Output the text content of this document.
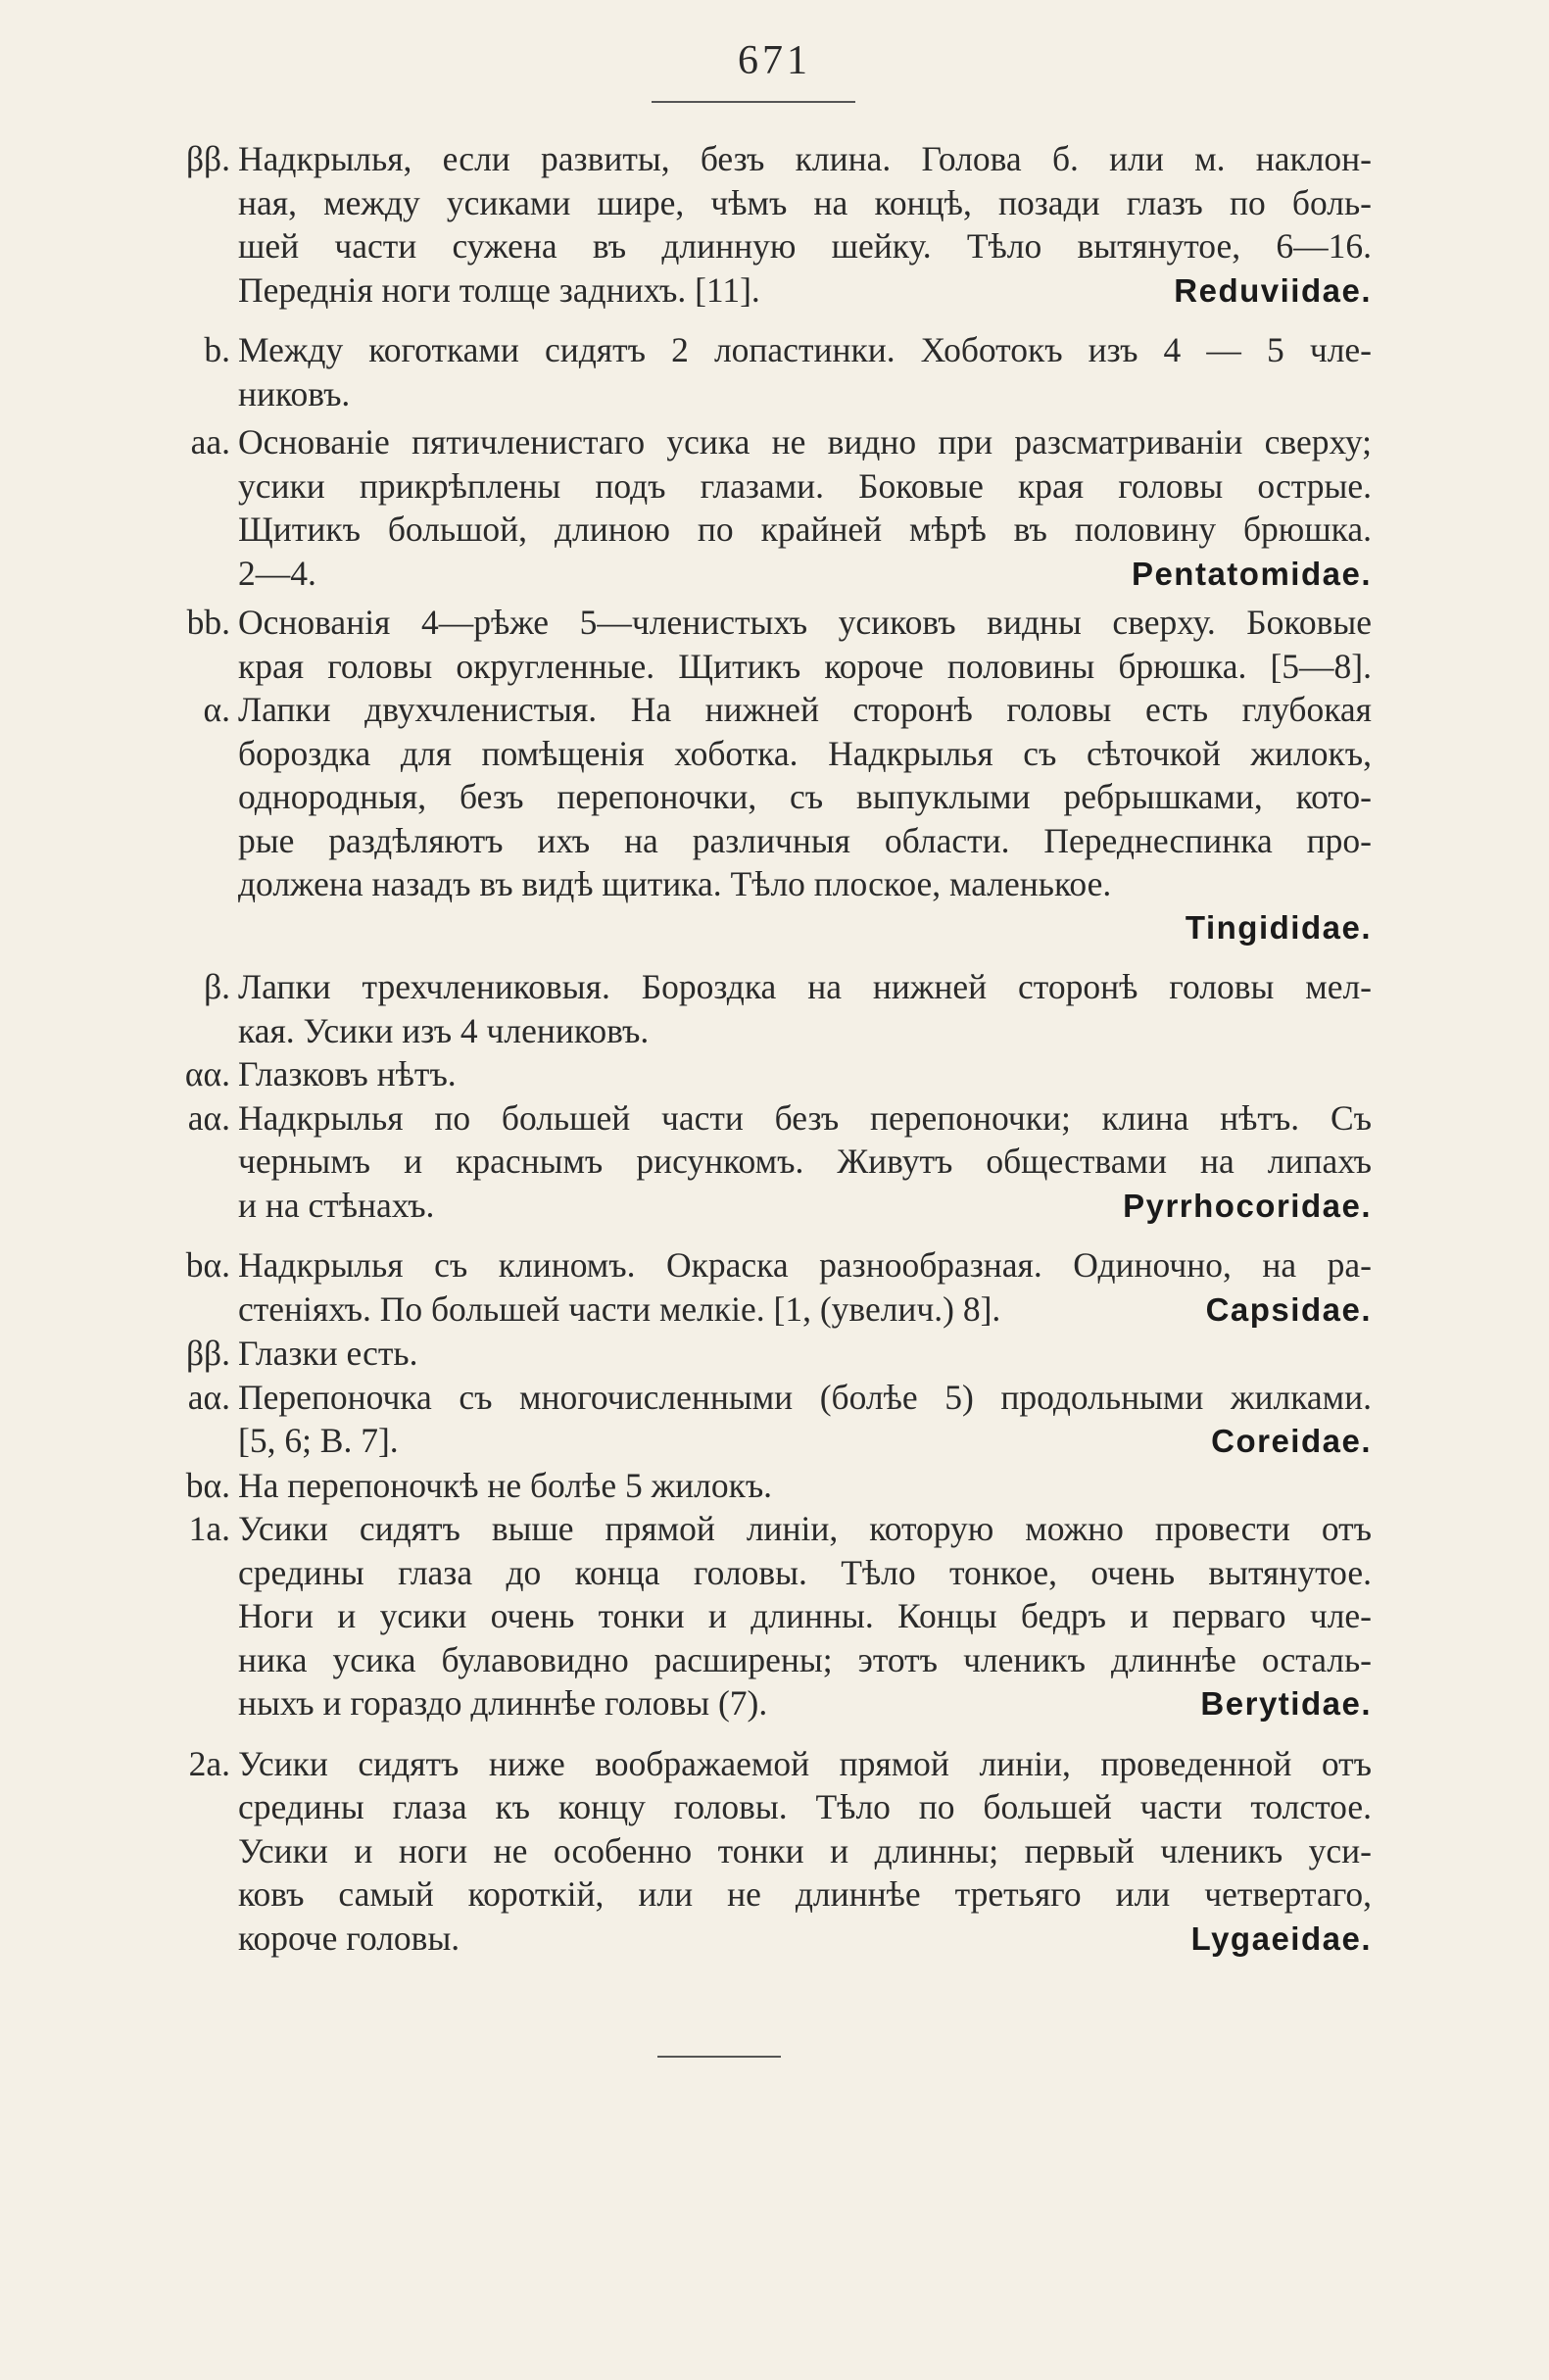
671
ββ. Надкрылья, если развиты, безъ клина. Голова б. или м. наклон-
ная, между усиками шире, чѣмъ на концѣ, позади глазъ по боль-
шей части сужена въ длинную шейку. Тѣло вытянутое, 6—16.
Переднія ноги толще заднихъ. [11].	Reduviidae.
b. Между коготками сидятъ 2 лопастинки. Хоботокъ изъ 4 — 5 чле-
никовъ.
aa. Основаніе пятичленистаго усика не видно при разсматриваніи сверху;
усики прикрѣплены подъ глазами. Боковые края головы острые.
Щитикъ большой, длиною по крайней мѣрѣ въ половину брюшка.
2—4.	Pentatomidae.
bb. Основанія 4—рѣже 5—членистыхъ усиковъ видны сверху. Боковые
края головы округленные. Щитикъ короче половины брюшка. [5—8].
α. Лапки двухчленистыя. На нижней сторонѣ головы есть глубокая
бороздка для помѣщенія хоботка. Надкрылья съ сѣточкой жилокъ,
однородныя, безъ перепоночки, съ выпуклыми ребрышками, кото-
рые раздѣляютъ ихъ на различныя области. Переднеспинка про-
должена назадъ въ видѣ щитика. Тѣло плоское, маленькое.
Tingididae.
β. Лапки трехчлениковыя. Бороздка на нижней сторонѣ головы мел-
кая. Усики изъ 4 члениковъ.
αα. Глазковъ нѣтъ.
aα. Надкрылья по большей части безъ перепоночки; клина нѣтъ. Съ
чернымъ и краснымъ рисункомъ. Живутъ обществами на липахъ
и на стѣнахъ.	Pyrrhocoridae.
bα. Надкрылья съ клиномъ. Окраска разнообразная. Одиночно, на ра-
стеніяхъ. По большей части мелкіе. [1, (увелич.) 8].	Capsidae.
ββ. Глазки есть.
aα. Перепоночка съ многочисленными (болѣе 5) продольными жилками.
[5, 6; В. 7].	Coreidae.
bα. На перепоночкѣ не болѣе 5 жилокъ.
1a. Усики сидятъ выше прямой линіи, которую можно провести отъ
средины глаза до конца головы. Тѣло тонкое, очень вытянутое.
Ноги и усики очень тонки и длинны. Концы бедръ и перваго чле-
ника усика булавовидно расширены; этотъ членикъ длиннѣе осталь-
ныхъ и гораздо длиннѣе головы (7).	Berytidae.
2a. Усики сидятъ ниже воображаемой прямой линіи, проведенной отъ
средины глаза къ концу головы. Тѣло по большей части толстое.
Усики и ноги не особенно тонки и длинны; первый членикъ уси-
ковъ самый короткій, или не длиннѣе третьяго или четвертаго,
короче головы.	Lygaeidae.
